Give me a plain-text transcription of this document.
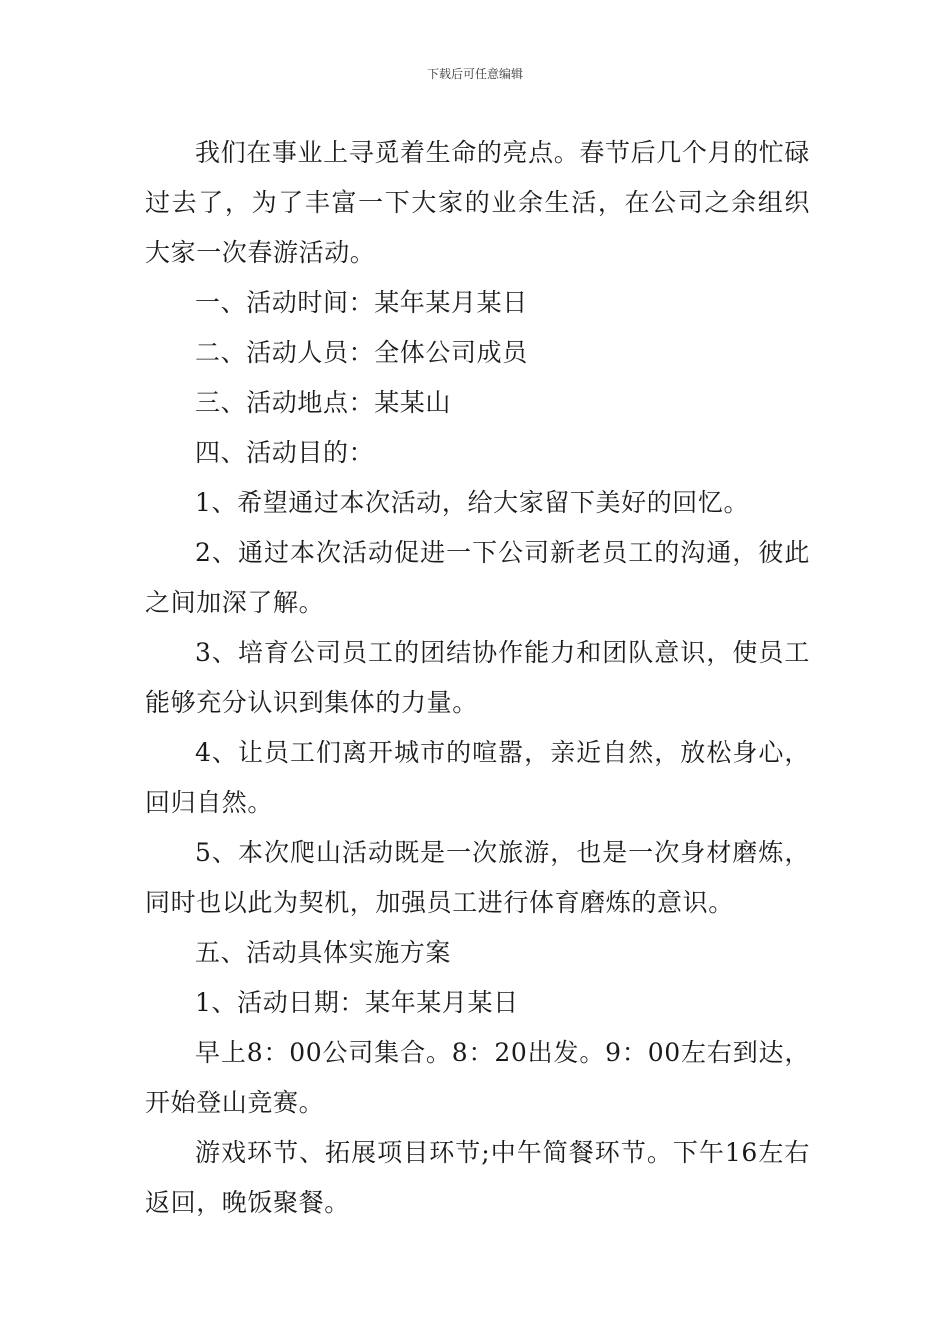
下载后可任意编辑

我们在事业上寻觅着生命的亮点。春节后几个月的忙碌过去了，为了丰富一下大家的业余生活，在公司之余组织大家一次春游活动。

一、活动时间：某年某月某日

二、活动人员：全体公司成员

三、活动地点：某某山

四、活动目的：

1、希望通过本次活动，给大家留下美好的回忆。

2、通过本次活动促进一下公司新老员工的沟通，彼此之间加深了解。

3、培育公司员工的团结协作能力和团队意识，使员工能够充分认识到集体的力量。

4、让员工们离开城市的喧嚣，亲近自然，放松身心，回归自然。

5、本次爬山活动既是一次旅游，也是一次身材磨炼，同时也以此为契机，加强员工进行体育磨炼的意识。

五、活动具体实施方案

1、活动日期：某年某月某日

早上8：00公司集合。8：20出发。9：00左右到达，开始登山竞赛。

游戏环节、拓展项目环节;中午简餐环节。下午16左右返回，晚饭聚餐。
